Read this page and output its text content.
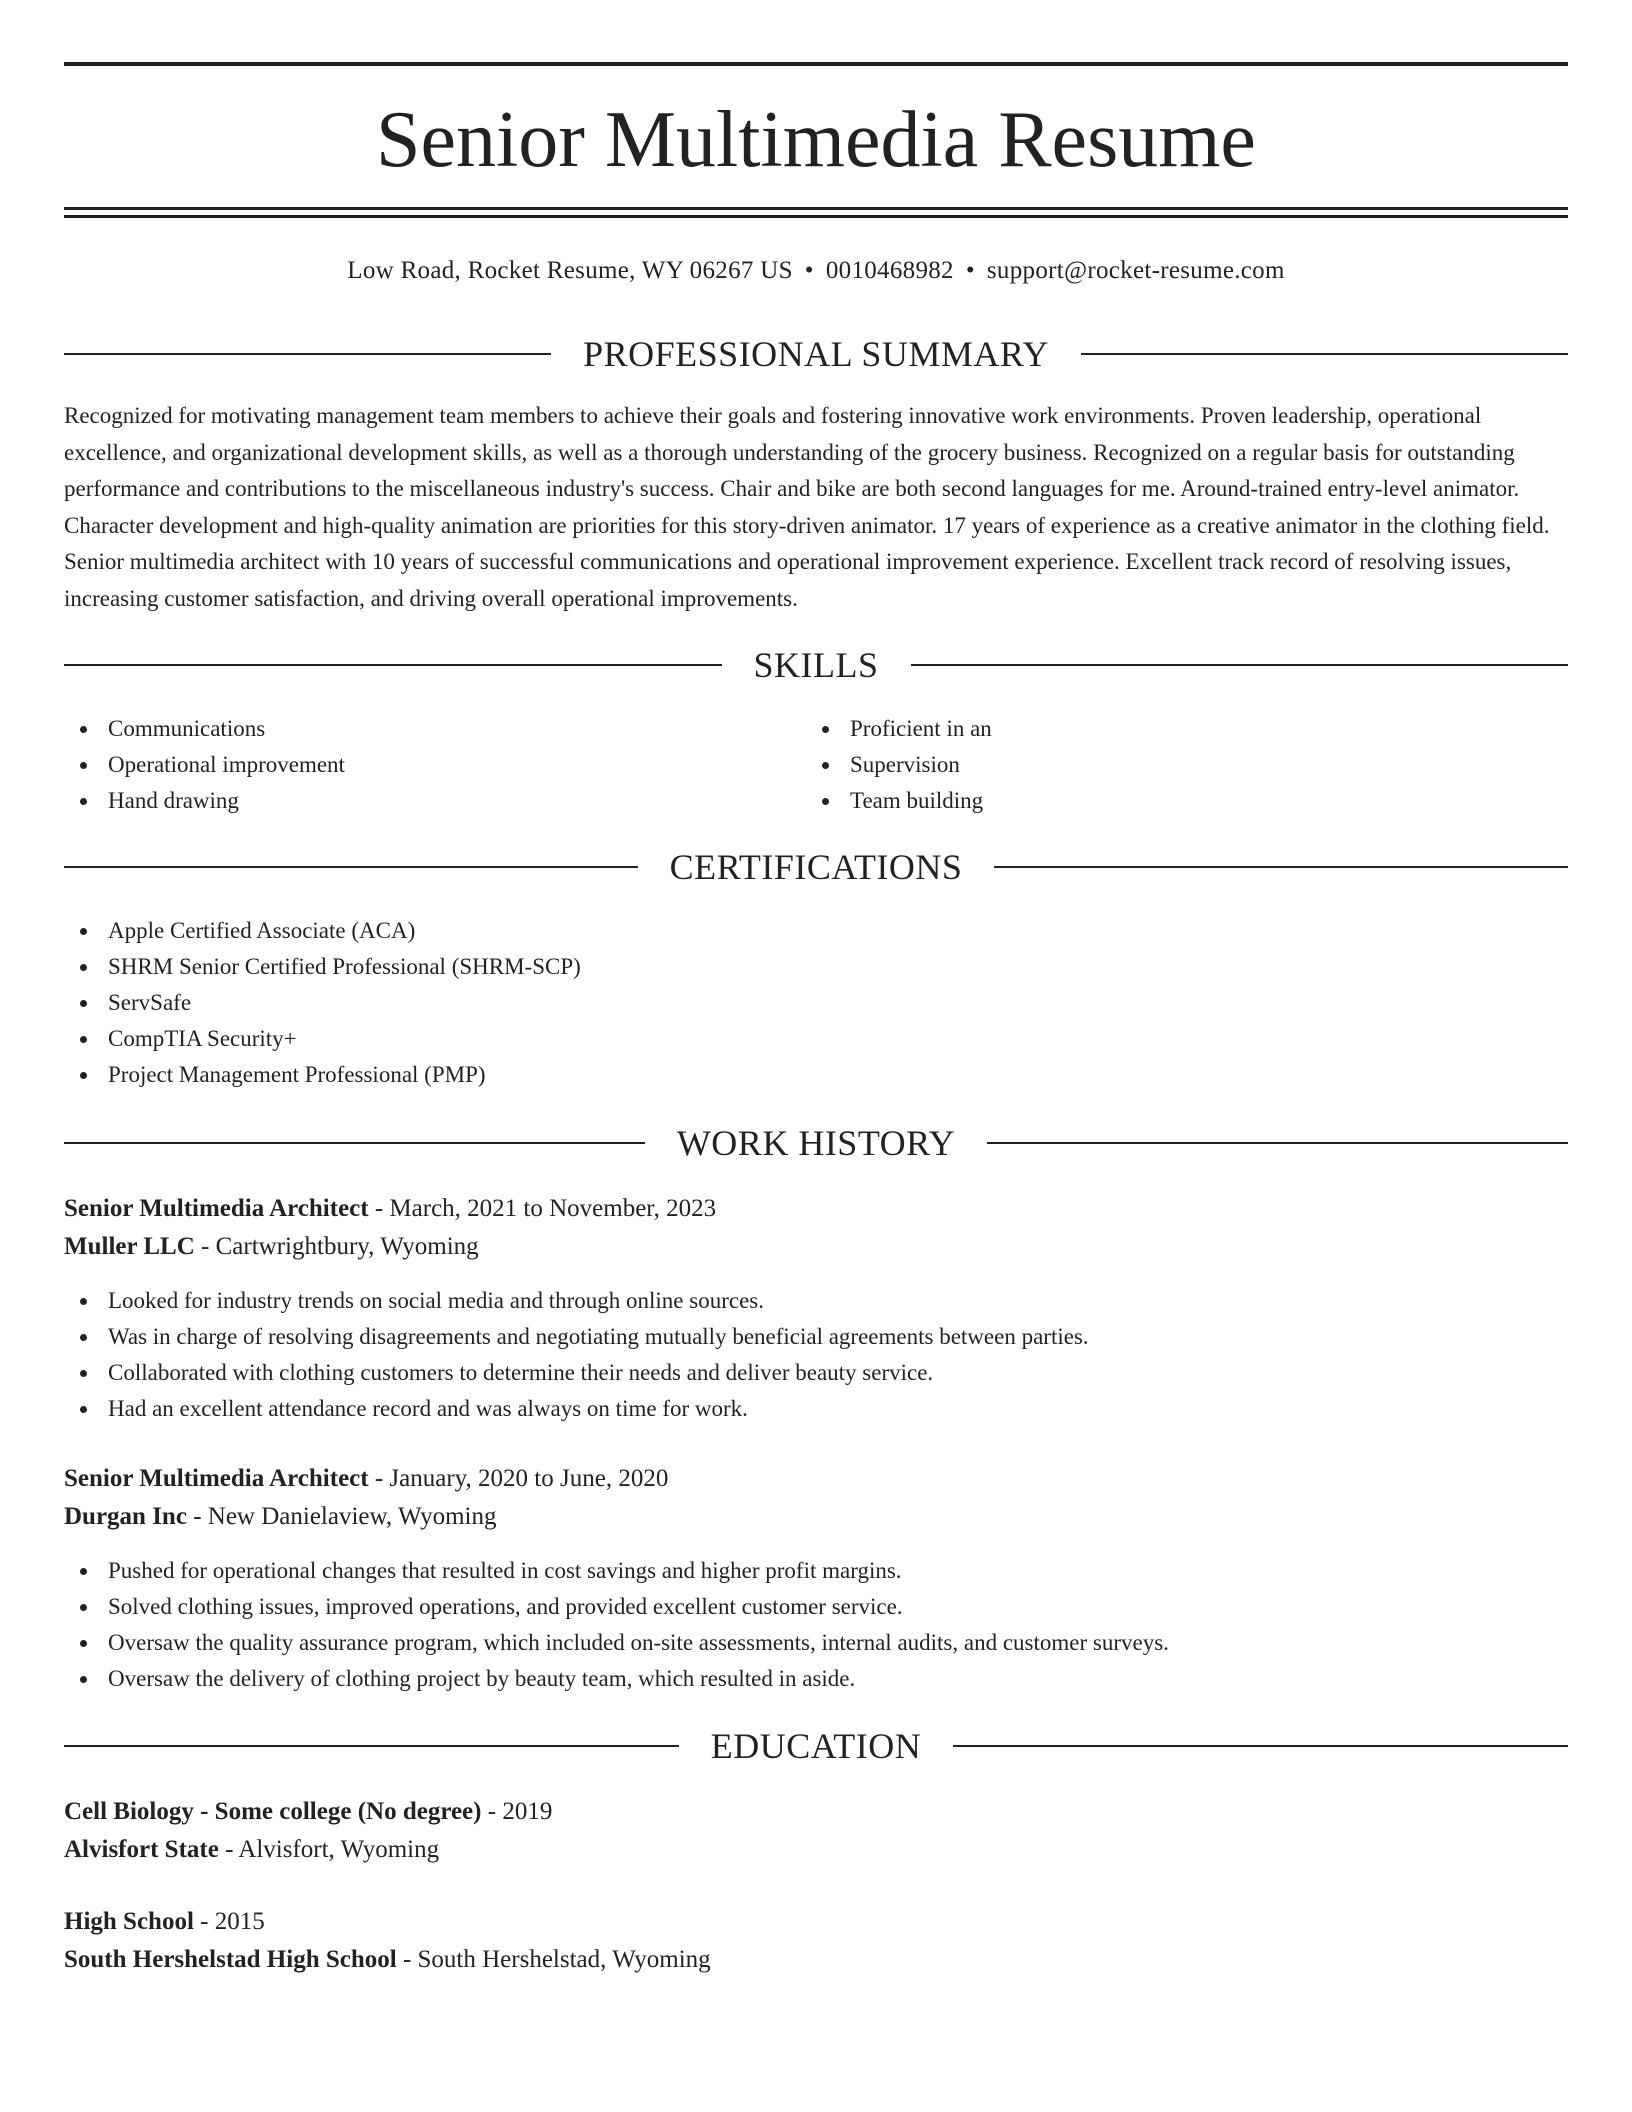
Senior Multimedia Resume
Low Road, Rocket Resume, WY 06267 US • 0010468982 • support@rocket-resume.com
PROFESSIONAL SUMMARY

Recognized for motivating management team members to achieve their goals and fostering innovative work environments. Proven leadership, operational excellence, and organizational development skills, as well as a thorough understanding of the grocery business. Recognized on a regular basis for outstanding performance and contributions to the miscellaneous industry's success. Chair and bike are both second languages for me. Around-trained entry-level animator. Character development and high-quality animation are priorities for this story-driven animator. 17 years of experience as a creative animator in the clothing field. Senior multimedia architect with 10 years of successful communications and operational improvement experience. Excellent track record of resolving issues, increasing customer satisfaction, and driving overall operational improvements.

SKILLS
Communications
Operational improvement
Hand drawing
Proficient in an
Supervision
Team building
CERTIFICATIONS
Apple Certified Associate (ACA)
SHRM Senior Certified Professional (SHRM-SCP)
ServSafe
CompTIA Security+
Project Management Professional (PMP)
WORK HISTORY
Senior Multimedia Architect - March, 2021 to November, 2023
Muller LLC - Cartwrightbury, Wyoming
Looked for industry trends on social media and through online sources.
Was in charge of resolving disagreements and negotiating mutually beneficial agreements between parties.
Collaborated with clothing customers to determine their needs and deliver beauty service.
Had an excellent attendance record and was always on time for work.
Senior Multimedia Architect - January, 2020 to June, 2020
Durgan Inc - New Danielaview, Wyoming
Pushed for operational changes that resulted in cost savings and higher profit margins.
Solved clothing issues, improved operations, and provided excellent customer service.
Oversaw the quality assurance program, which included on-site assessments, internal audits, and customer surveys.
Oversaw the delivery of clothing project by beauty team, which resulted in aside.
EDUCATION
Cell Biology - Some college (No degree) - 2019
Alvisfort State - Alvisfort, Wyoming
High School - 2015
South Hershelstad High School - South Hershelstad, Wyoming
